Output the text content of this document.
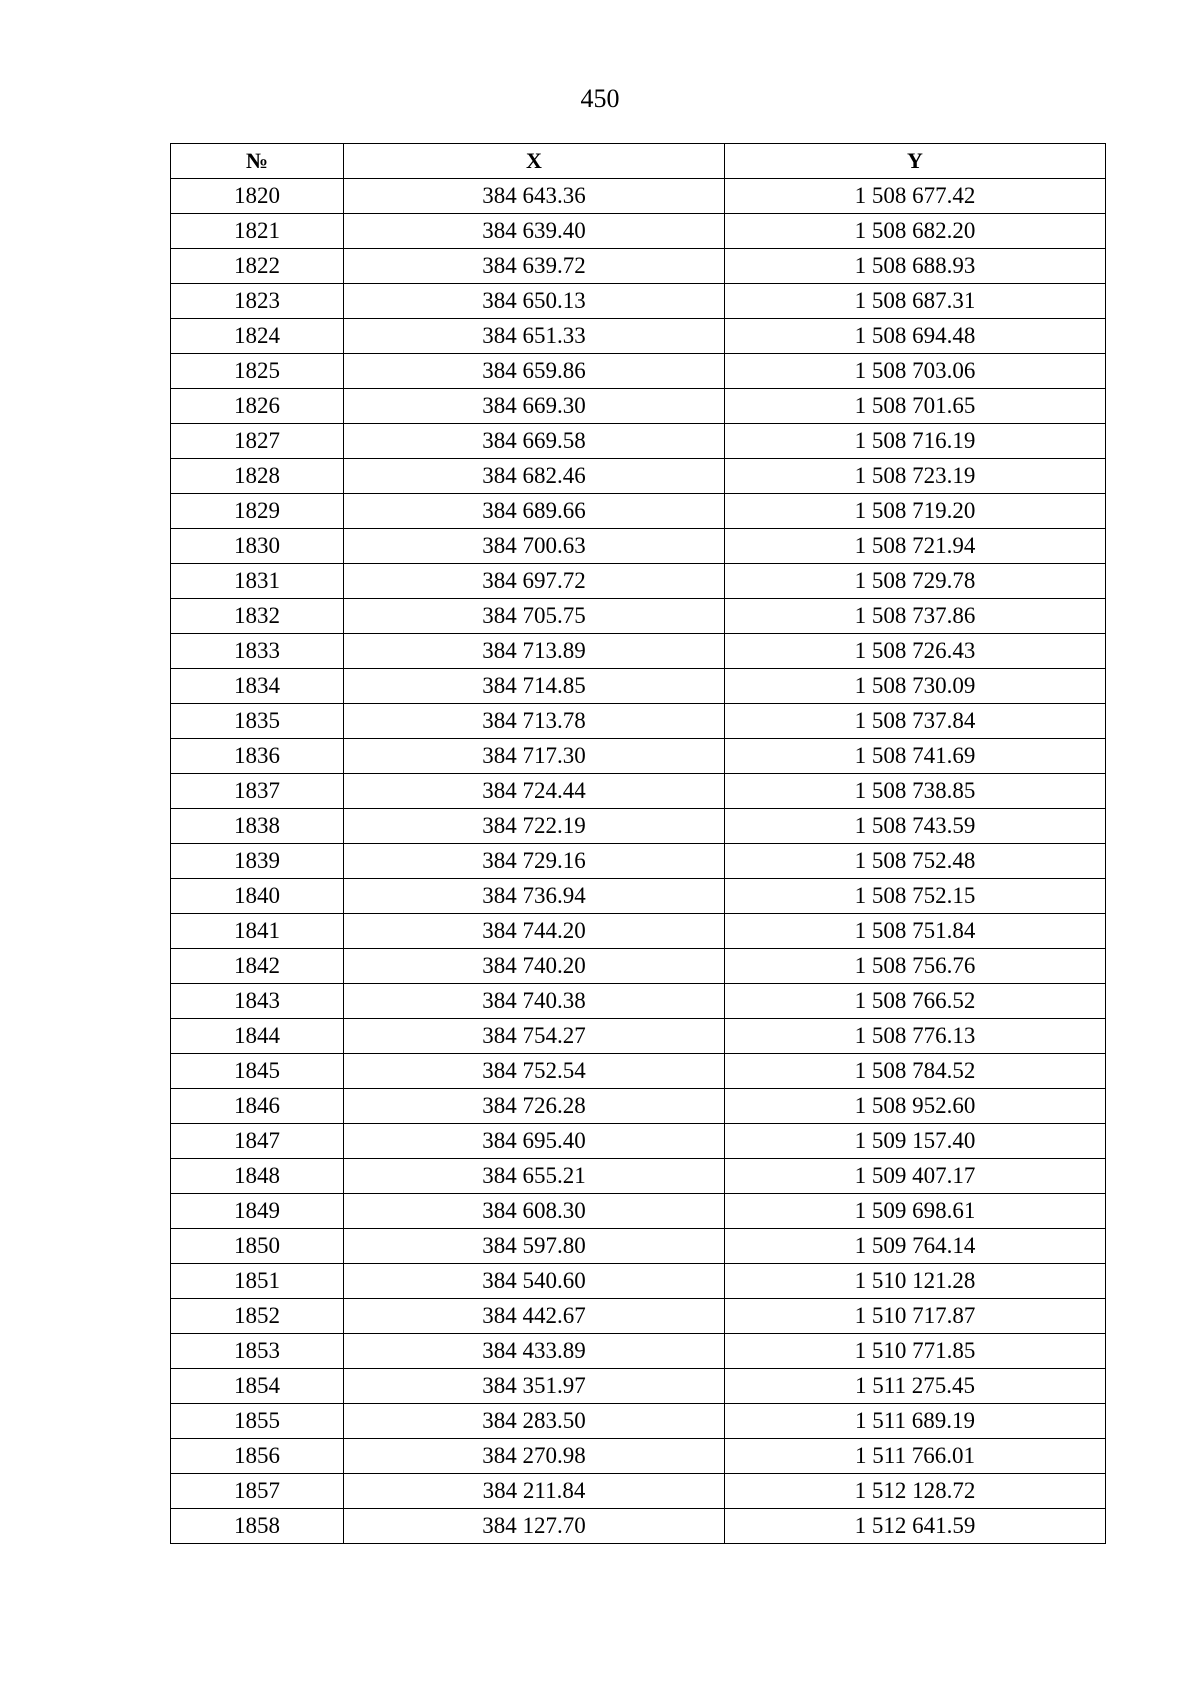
450
№	X	Y
1820	384 643.36	1 508 677.42
1821	384 639.40	1 508 682.20
1822	384 639.72	1 508 688.93
1823	384 650.13	1 508 687.31
1824	384 651.33	1 508 694.48
1825	384 659.86	1 508 703.06
1826	384 669.30	1 508 701.65
1827	384 669.58	1 508 716.19
1828	384 682.46	1 508 723.19
1829	384 689.66	1 508 719.20
1830	384 700.63	1 508 721.94
1831	384 697.72	1 508 729.78
1832	384 705.75	1 508 737.86
1833	384 713.89	1 508 726.43
1834	384 714.85	1 508 730.09
1835	384 713.78	1 508 737.84
1836	384 717.30	1 508 741.69
1837	384 724.44	1 508 738.85
1838	384 722.19	1 508 743.59
1839	384 729.16	1 508 752.48
1840	384 736.94	1 508 752.15
1841	384 744.20	1 508 751.84
1842	384 740.20	1 508 756.76
1843	384 740.38	1 508 766.52
1844	384 754.27	1 508 776.13
1845	384 752.54	1 508 784.52
1846	384 726.28	1 508 952.60
1847	384 695.40	1 509 157.40
1848	384 655.21	1 509 407.17
1849	384 608.30	1 509 698.61
1850	384 597.80	1 509 764.14
1851	384 540.60	1 510 121.28
1852	384 442.67	1 510 717.87
1853	384 433.89	1 510 771.85
1854	384 351.97	1 511 275.45
1855	384 283.50	1 511 689.19
1856	384 270.98	1 511 766.01
1857	384 211.84	1 512 128.72
1858	384 127.70	1 512 641.59
